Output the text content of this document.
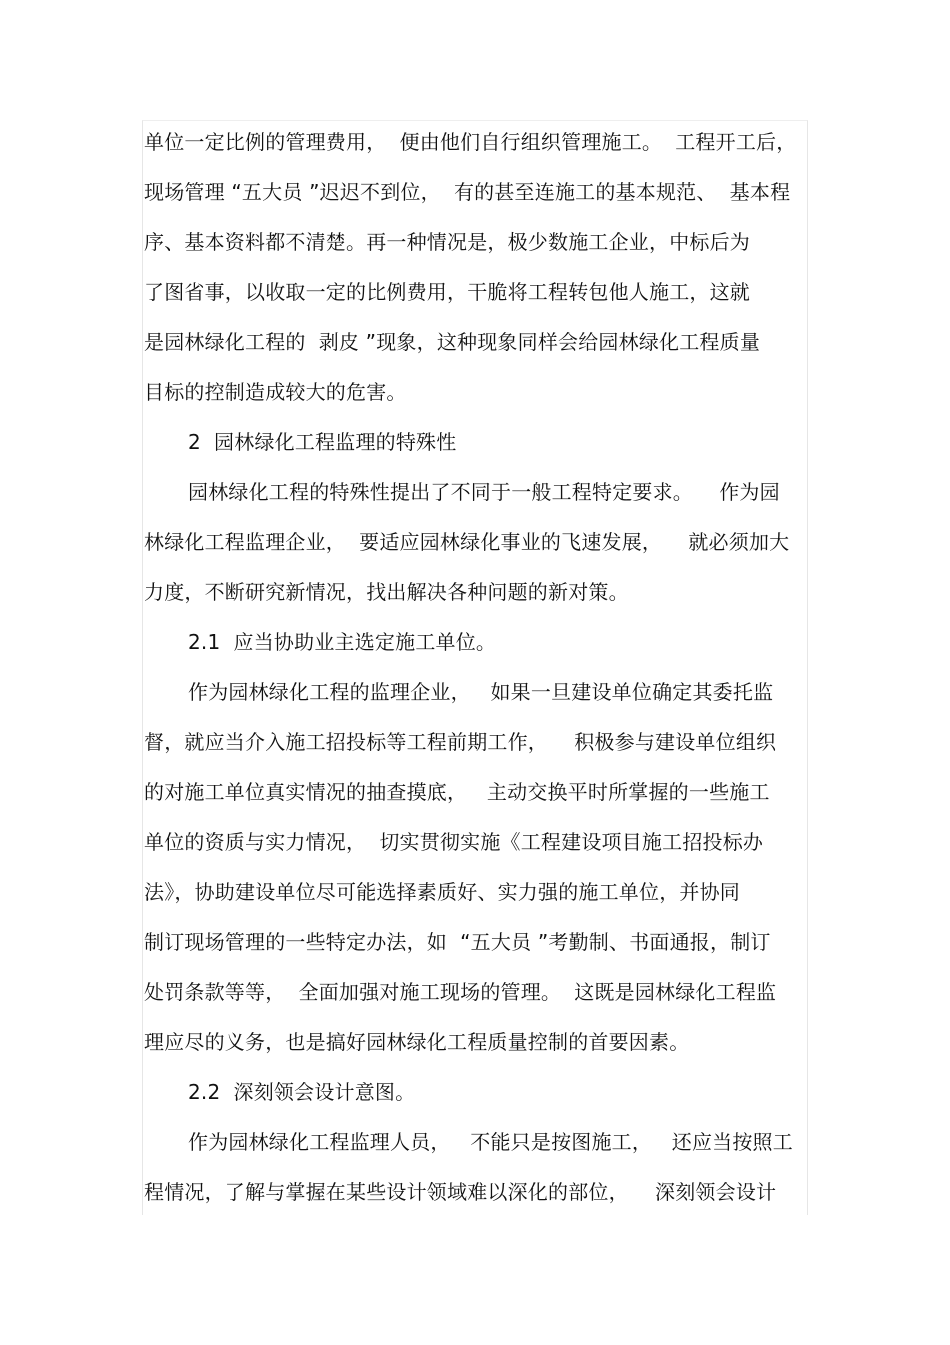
单位一定比例的管理费用，  便由他们自行组织管理施工。  工程开工后，
现场管理 “五大员 ”迟迟不到位，  有的甚至连施工的基本规范、  基本程
序、基本资料都不清楚。再一种情况是，极少数施工企业，中标后为
了图省事，以收取一定的比例费用，干脆将工程转包他人施工，这就
是园林绿化工程的  剥皮 ”现象，这种现象同样会给园林绿化工程质量
目标的控制造成较大的危害。
2  园林绿化工程监理的特殊性
园林绿化工程的特殊性提出了不同于一般工程特定要求。    作为园
林绿化工程监理企业，  要适应园林绿化事业的飞速发展，    就必须加大
力度，不断研究新情况，找出解决各种问题的新对策。
2.1  应当协助业主选定施工单位。
作为园林绿化工程的监理企业，   如果一旦建设单位确定其委托监
督，就应当介入施工招投标等工程前期工作，    积极参与建设单位组织
的对施工单位真实情况的抽查摸底，   主动交换平时所掌握的一些施工
单位的资质与实力情况，  切实贯彻实施《工程建设项目施工招投标办
法》，协助建设单位尽可能选择素质好、实力强的施工单位，并协同
制订现场管理的一些特定办法，如  “五大员 ”考勤制、书面通报，制订
处罚条款等等，  全面加强对施工现场的管理。  这既是园林绿化工程监
理应尽的义务，也是搞好园林绿化工程质量控制的首要因素。
2.2  深刻领会设计意图。
作为园林绿化工程监理人员，   不能只是按图施工，   还应当按照工
程情况，了解与掌握在某些设计领域难以深化的部位，    深刻领会设计
